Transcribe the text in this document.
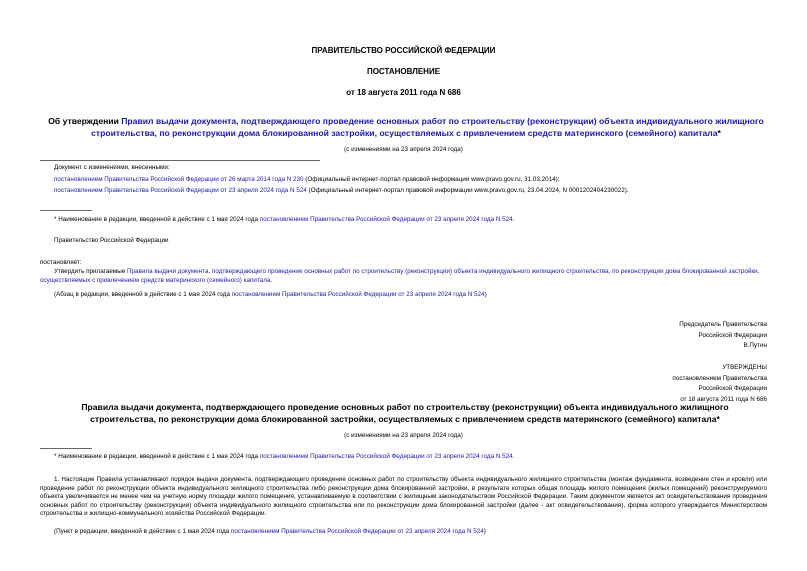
ПРАВИТЕЛЬСТВО РОССИЙСКОЙ ФЕДЕРАЦИИ
ПОСТАНОВЛЕНИЕ
от 18 августа 2011 года N 686
Об утверждении Правил выдачи документа, подтверждающего проведение основных работ по строительству (реконструкции) объекта индивидуального жилищного строительства, по реконструкции дома блокированной застройки, осуществляемых с привлечением средств материнского (семейного) капитала*
(с изменениями на 23 апреля 2024 года)

Документ с изменениями, внесенными:

постановлением Правительства Российской Федерации от 26 марта 2014 года N 230 (Официальный интернет-портал правовой информации www.pravo.gov.ru, 31.03.2014);

постановлением Правительства Российской Федерации от 23 апреля 2024 года N 524 (Официальный интернет-портал правовой информации www.pravo.gov.ru, 23.04.2024, N 0001202404230022).

* Наименование в редакции, введенной в действие с 1 мая 2024 года постановлением Правительства Российской Федерации от 23 апреля 2024 года N 524.
Правительство Российской Федерации
постановляет:
Утвердить прилагаемые Правила выдачи документа, подтверждающего проведение основных работ по строительству (реконструкции) объекта индивидуального жилищного строительства, по реконструкции дома блокированной застройки, осуществляемых с привлечением средств материнского (семейного) капитала.
(Абзац в редакции, введенной в действие с 1 мая 2024 года постановлением Правительства Российской Федерации от 23 апреля 2024 года N 524)

Председатель Правительства

Российской Федерации

В.Путин

УТВЕРЖДЕНЫ

постановлением Правительства

Российской Федерации

от 18 августа 2011 года N 686

Правила выдачи документа, подтверждающего проведение основных работ по строительству (реконструкции) объекта индивидуального жилищного строительства, по реконструкции дома блокированной застройки, осуществляемых с привлечением средств материнского (семейного) капитала*
(с изменениями на 23 апреля 2024 года)
* Наименование в редакции, введенной в действие с 1 мая 2024 года постановлением Правительства Российской Федерации от 23 апреля 2024 года N 524.
1. Настоящие Правила устанавливают порядок выдачи документа, подтверждающего проведение основных работ по строительству объекта индивидуального жилищного строительства (монтаж фундамента, возведение стен и кровли) или проведение работ по реконструкции объекта индивидуального жилищного строительства либо реконструкции дома блокированной застройки, в результате которых общая площадь жилого помещения (жилых помещений) реконструируемого объекта увеличивается не менее чем на учетную норму площади жилого помещения, устанавливаемую в соответствии с жилищным законодательством Российской Федерации. Таким документом является акт освидетельствования проведения основных работ по строительству (реконструкции) объекта индивидуального жилищного строительства или по реконструкции дома блокированной застройки (далее - акт освидетельствования), форма которого утверждается Министерством строительства и жилищно-коммунального хозяйства Российской Федерации.
(Пункт в редакции, введенной в действие с 1 мая 2024 года постановлением Правительства Российской Федерации от 23 апреля 2024 года N 524)
